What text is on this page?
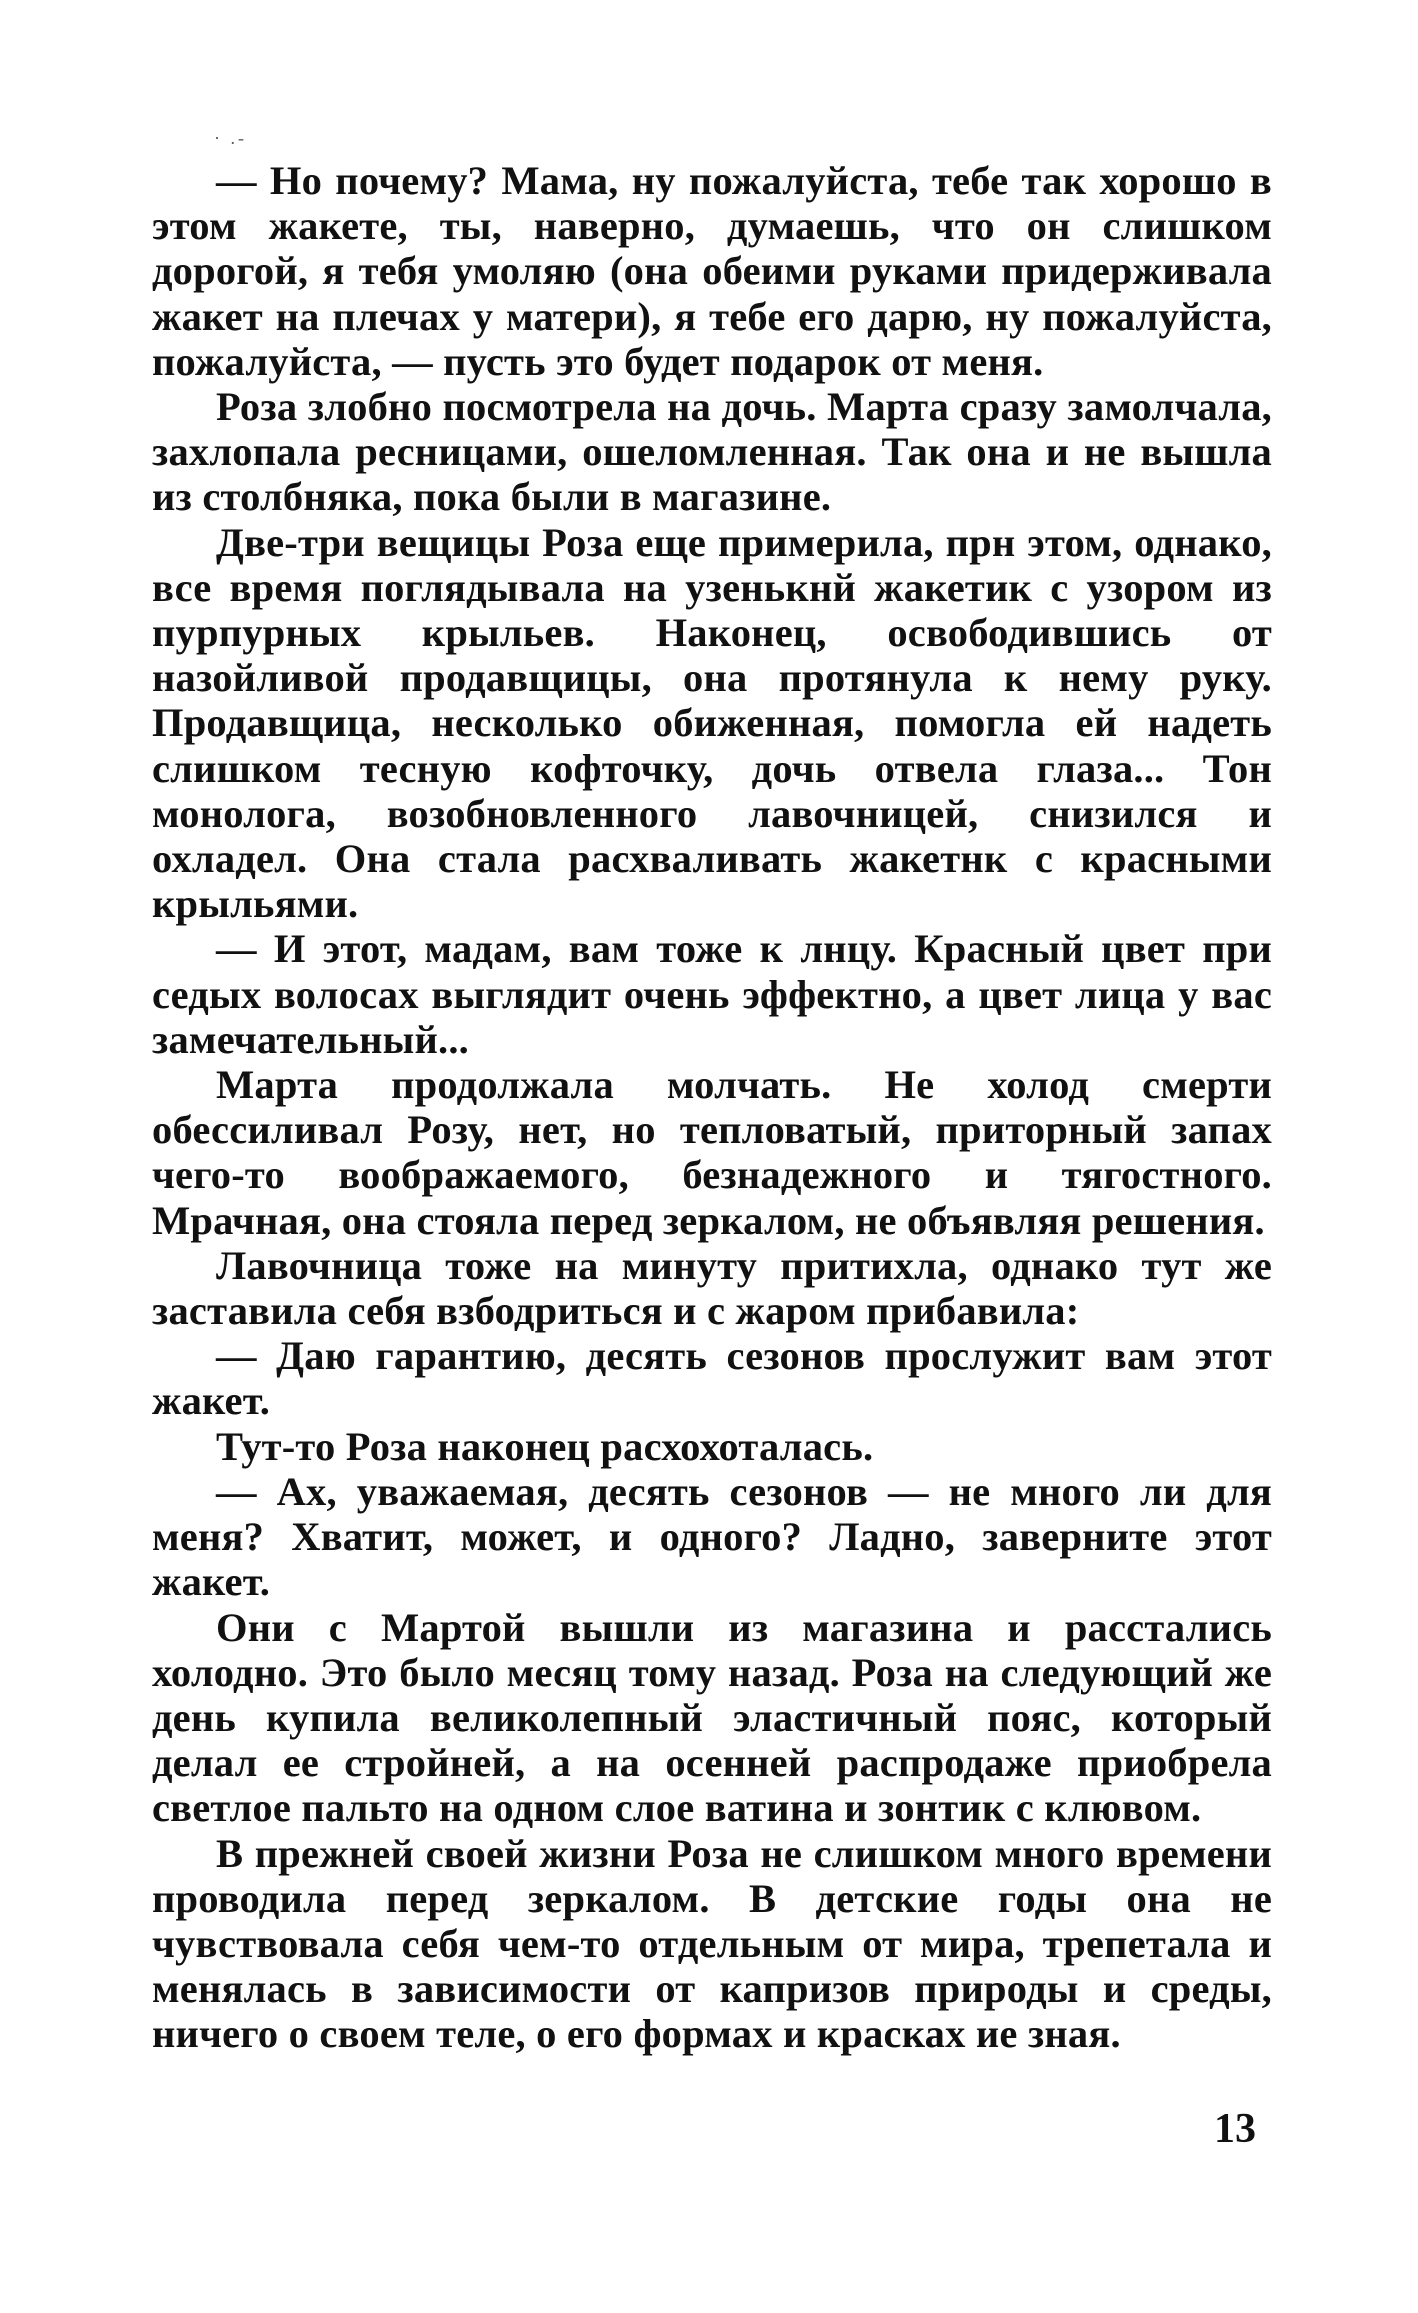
· .-

— Но почему? Мама, ну пожалуйста, тебе так хорошо в этом жакете, ты, наверно, думаешь, что он слишком дорогой, я тебя умоляю (она обеими руками придерживала жакет на плечах у матери), я тебе его дарю, ну пожалуйста, пожалуйста, — пусть это будет подарок от меня.

Роза злобно посмотрела на дочь. Марта сразу замолчала, захлопала ресницами, ошеломленная. Так она и не вышла из столбняка, пока были в магазине.

Две-три вещицы Роза еще примерила, прн этом, однако, все время поглядывала на узенькнй жакетик с узором из пурпурных крыльев. Наконец, освободившись от назойливой продавщицы, она протянула к нему руку. Продавщица, несколько обиженная, помогла ей надеть слишком тесную кофточку, дочь отвела глаза... Тон монолога, возобновленного лавочницей, снизился и охладел. Она стала расхваливать жакетнк с красными крыльями.

— И этот, мадам, вам тоже к лнцу. Красный цвет при седых волосах выглядит очень эффектно, а цвет лица у вас замечательный...

Марта продолжала молчать. Не холод смерти обессиливал Розу, нет, но тепловатый, приторный запах чего-то воображаемого, безнадежного и тягостного. Мрачная, она стояла перед зеркалом, не объявляя решения.

Лавочница тоже на минуту притихла, однако тут же заставила себя взбодриться и с жаром прибавила:

— Даю гарантию, десять сезонов прослужит вам этот жакет.

Тут-то Роза наконец расхохоталась.

— Ах, уважаемая, десять сезонов — не много ли для меня? Хватит, может, и одного? Ладно, заверните этот жакет.

Они с Мартой вышли из магазина и расстались холодно. Это было месяц тому назад. Роза на следующий же день купила великолепный эластичный пояс, который делал ее стройней, а на осенней распродаже приобрела светлое пальто на одном слое ватина и зонтик с клювом.

В прежней своей жизни Роза не слишком много времени проводила перед зеркалом. В детские годы она не чувствовала себя чем-то отдельным от мира, трепетала и менялась в зависимости от капризов природы и среды, ничего о своем теле, о его формах и красках ие зная.

13
